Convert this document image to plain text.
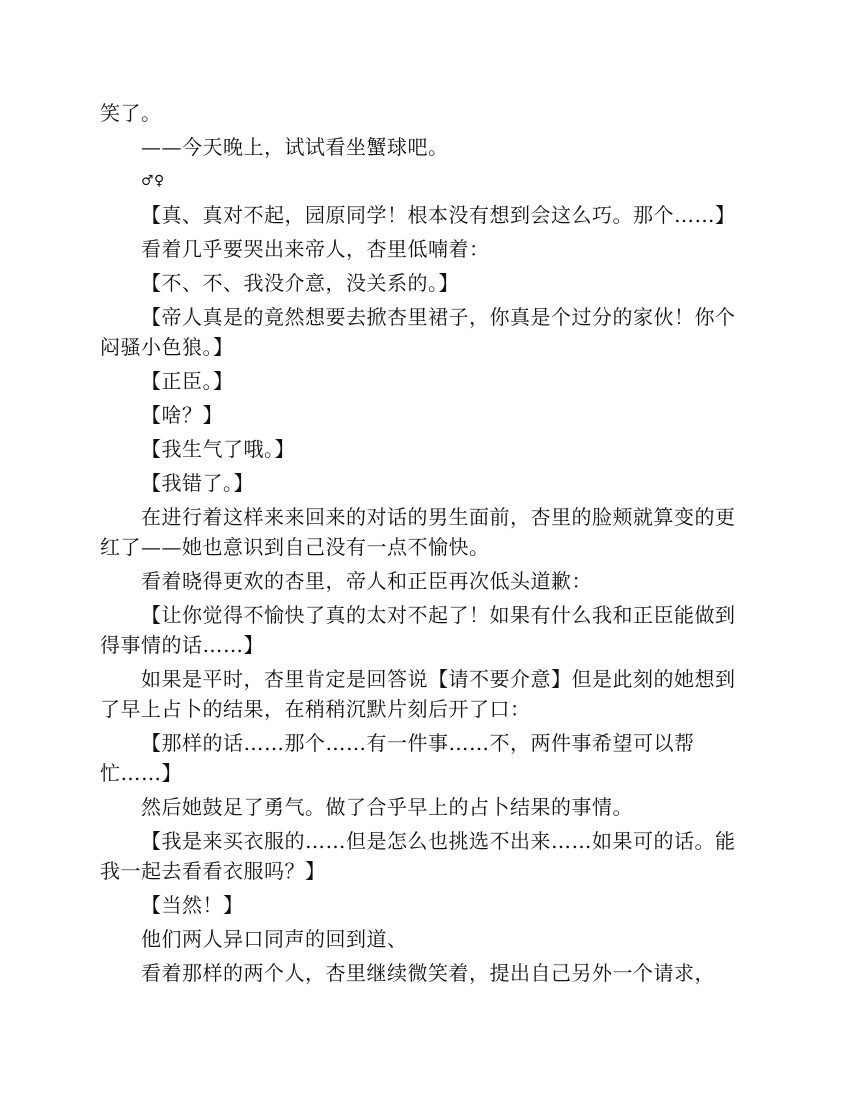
笑了。

——今天晚上，试试看坐蟹球吧。

♂♀

【真、真对不起，园原同学！根本没有想到会这么巧。那个……】

看着几乎要哭出来帝人，杏里低喃着：

【不、不、我没介意，没关系的。】

【帝人真是的竟然想要去掀杏里裙子，你真是个过分的家伙！你个闷骚小色狼。】

【正臣。】

【啥？】

【我生气了哦。】

【我错了。】

在进行着这样来来回来的对话的男生面前，杏里的脸颊就算变的更红了——她也意识到自己没有一点不愉快。

看着晓得更欢的杏里，帝人和正臣再次低头道歉：

【让你觉得不愉快了真的太对不起了！如果有什么我和正臣能做到得事情的话……】

如果是平时，杏里肯定是回答说【请不要介意】但是此刻的她想到了早上占卜的结果，在稍稍沉默片刻后开了口：

【那样的话……那个……有一件事……不，两件事希望可以帮忙……】

然后她鼓足了勇气。做了合乎早上的占卜结果的事情。

【我是来买衣服的……但是怎么也挑选不出来……如果可的话。能我一起去看看衣服吗？】

【当然！】

他们两人异口同声的回到道、

看着那样的两个人，杏里继续微笑着，提出自己另外一个请求，
